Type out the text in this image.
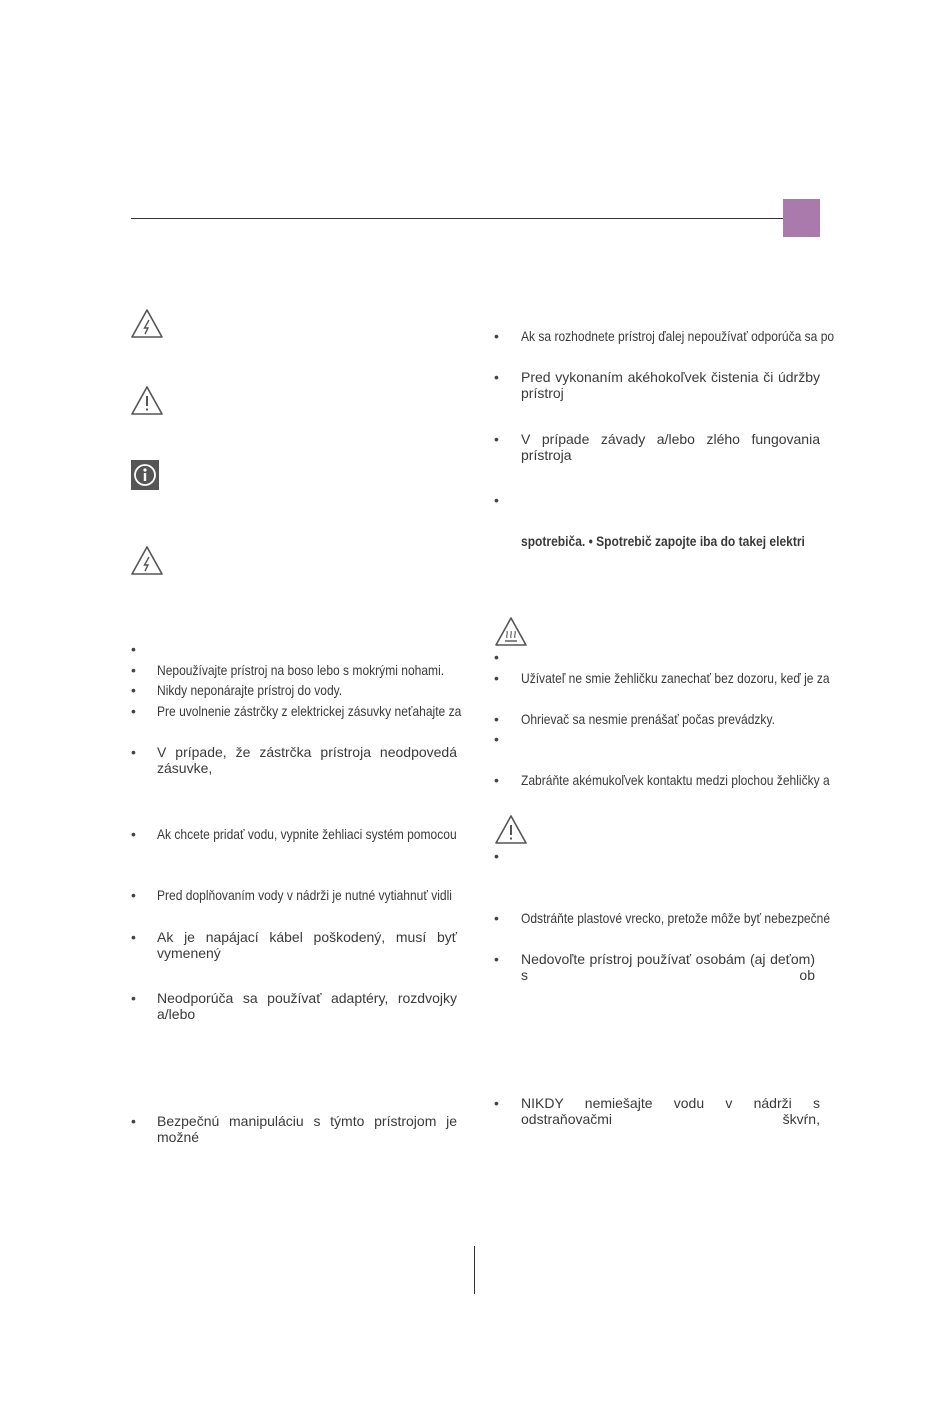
•
• Nepoužívajte prístroj na boso lebo s mokrými nohami.
• Nikdy neponárajte prístroj do vody.
• Pre uvolnenie zástrčky z elektrickej zásuvky neťahajte za
• V prípade, že zástrčka prístroja neodpovedá zásuvke,
• Ak chcete pridať vodu, vypnite žehliaci systém pomocou
• Pred doplňovaním vody v nádrži je nutné vytiahnuť vidli
• Ak je napájací kábel poškodený, musí byť vymenený
• Neodporúča sa používať adaptéry, rozdvojky a/lebo
• Bezpečnú manipuláciu s týmto prístrojom je možné
• Ak sa rozhodnete prístroj ďalej nepoužívať odporúča sa po
• Pred vykonaním akéhokoľvek čistenia či údržby prístroj
• V prípade závady a/lebo zlého fungovania prístroja
•
spotrebiča. • Spotrebič zapojte iba do takej elektri
•
• Užívateľ ne smie žehličku zanechať bez dozoru, keď je za
• Ohrievač sa nesmie prenášať počas prevádzky.
•
• Zabráňte akémukoľvek kontaktu medzi plochou žehličky a
•
• Odstráňte plastové vrecko, pretože môže byť nebezpečné
• Nedovoľte prístroj používať osobám (aj deťom) s ob
• NIKDY nemiešajte vodu v nádrži s odstraňovačmi škvŕn,
